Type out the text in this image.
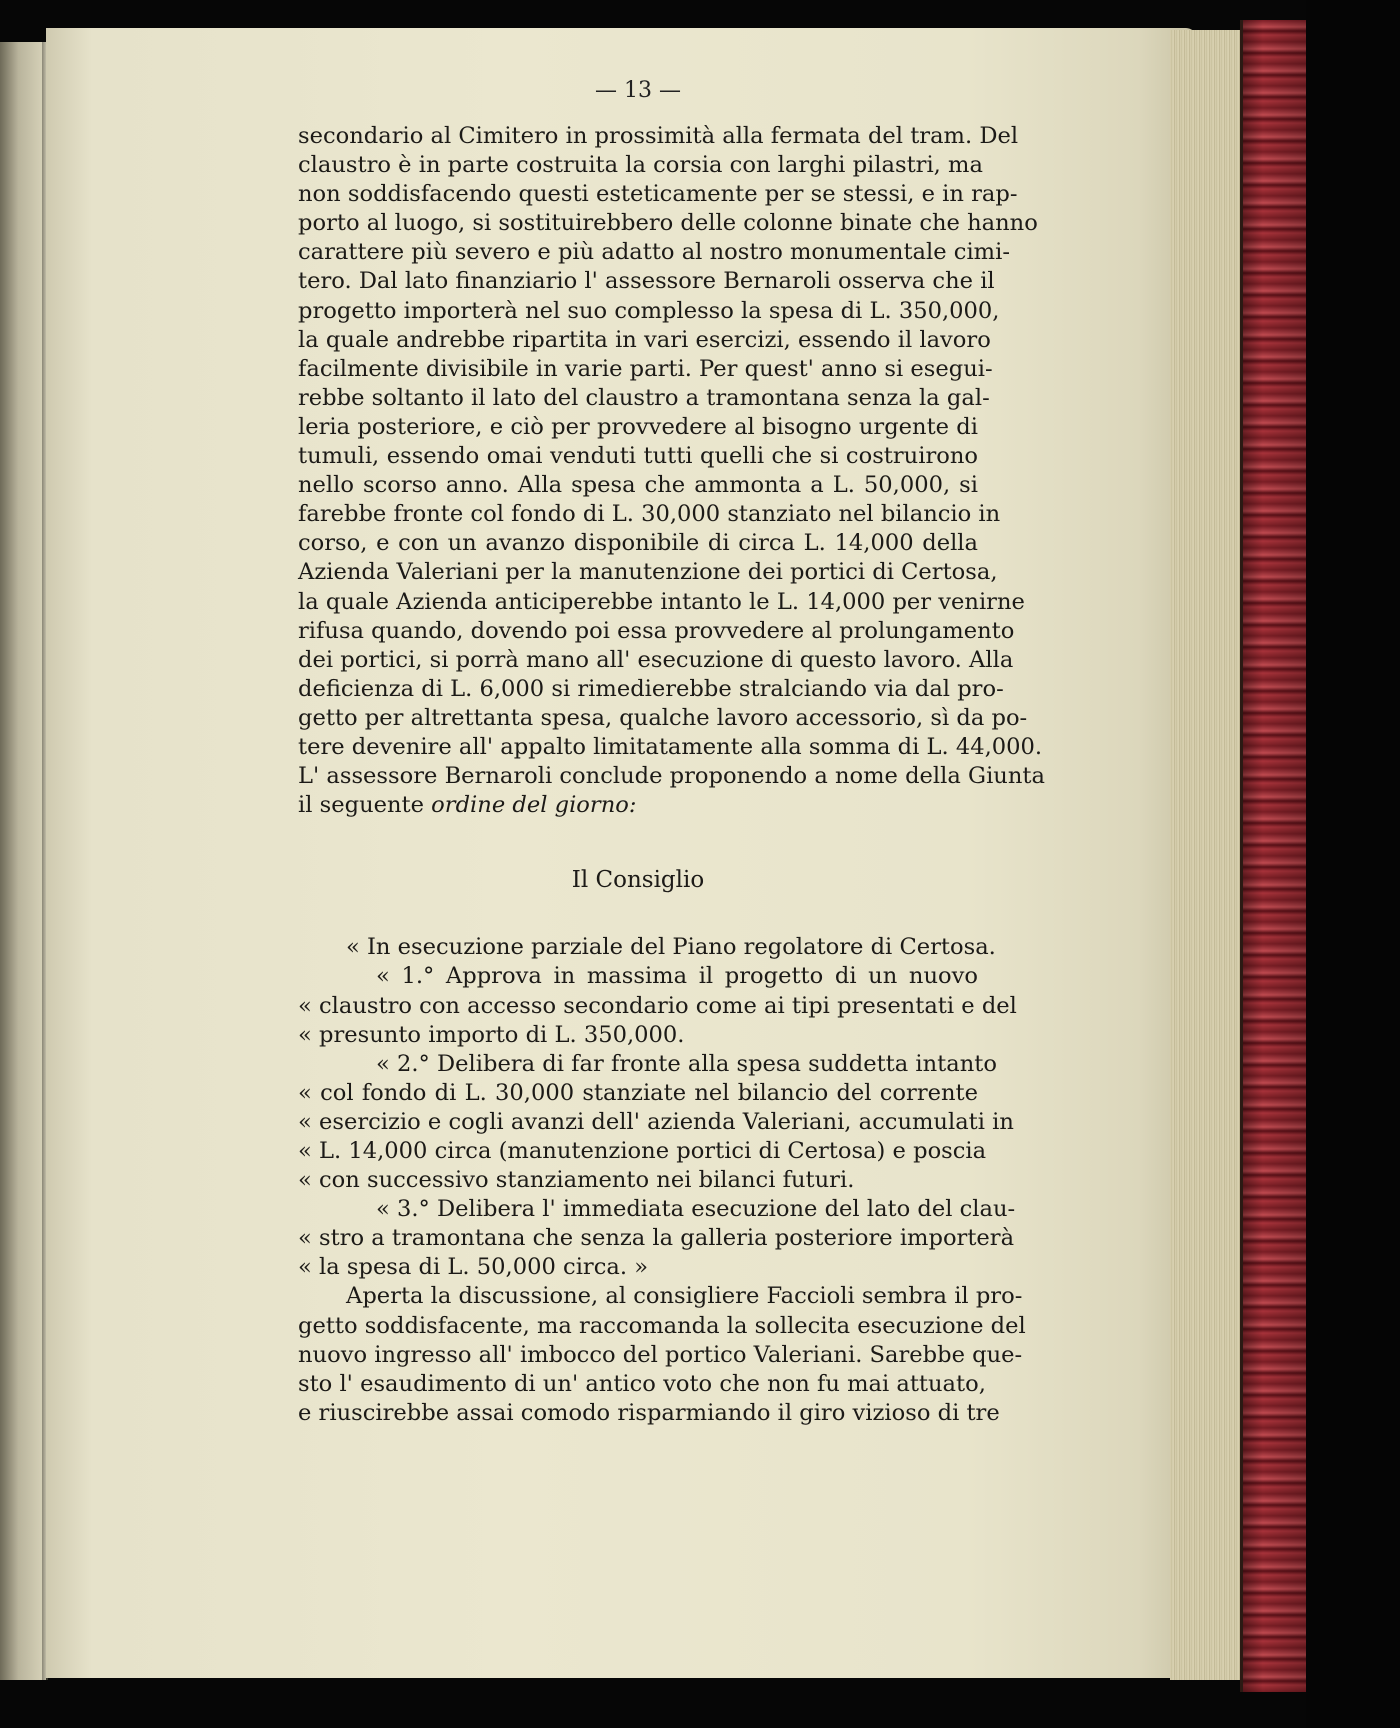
— 13 —
secondario al Cimitero in prossimità alla fermata del tram. Del
claustro è in parte costruita la corsia con larghi pilastri, ma
non soddisfacendo questi esteticamente per se stessi, e in rap-
porto al luogo, si sostituirebbero delle colonne binate che hanno
carattere più severo e più adatto al nostro monumentale cimi-
tero. Dal lato finanziario l' assessore Bernaroli osserva che il
progetto importerà nel suo complesso la spesa di L. 350,000,
la quale andrebbe ripartita in vari esercizi, essendo il lavoro
facilmente divisibile in varie parti. Per quest' anno si esegui-
rebbe soltanto il lato del claustro a tramontana senza la gal-
leria posteriore, e ciò per provvedere al bisogno urgente di
tumuli, essendo omai venduti tutti quelli che si costruirono
nello scorso anno. Alla spesa che ammonta a L. 50,000, si
farebbe fronte col fondo di L. 30,000 stanziato nel bilancio in
corso, e con un avanzo disponibile di circa L. 14,000 della
Azienda Valeriani per la manutenzione dei portici di Certosa,
la quale Azienda anticiperebbe intanto le L. 14,000 per venirne
rifusa quando, dovendo poi essa provvedere al prolungamento
dei portici, si porrà mano all' esecuzione di questo lavoro. Alla
deficienza di L. 6,000 si rimedierebbe stralciando via dal pro-
getto per altrettanta spesa, qualche lavoro accessorio, sì da po-
tere devenire all' appalto limitatamente alla somma di L. 44,000.
L' assessore Bernaroli conclude proponendo a nome della Giunta
il seguente ordine del giorno:
Il Consiglio
« In esecuzione parziale del Piano regolatore di Certosa.
« 1.° Approva in massima il progetto di un nuovo
« claustro con accesso secondario come ai tipi presentati e del
« presunto importo di L. 350,000.
« 2.° Delibera di far fronte alla spesa suddetta intanto
« col fondo di L. 30,000 stanziate nel bilancio del corrente
« esercizio e cogli avanzi dell' azienda Valeriani, accumulati in
« L. 14,000 circa (manutenzione portici di Certosa) e poscia
« con successivo stanziamento nei bilanci futuri.
« 3.° Delibera l' immediata esecuzione del lato del clau-
« stro a tramontana che senza la galleria posteriore importerà
« la spesa di L. 50,000 circa. »
Aperta la discussione, al consigliere Faccioli sembra il pro-
getto soddisfacente, ma raccomanda la sollecita esecuzione del
nuovo ingresso all' imbocco del portico Valeriani. Sarebbe que-
sto l' esaudimento di un' antico voto che non fu mai attuato,
e riuscirebbe assai comodo risparmiando il giro vizioso di tre
